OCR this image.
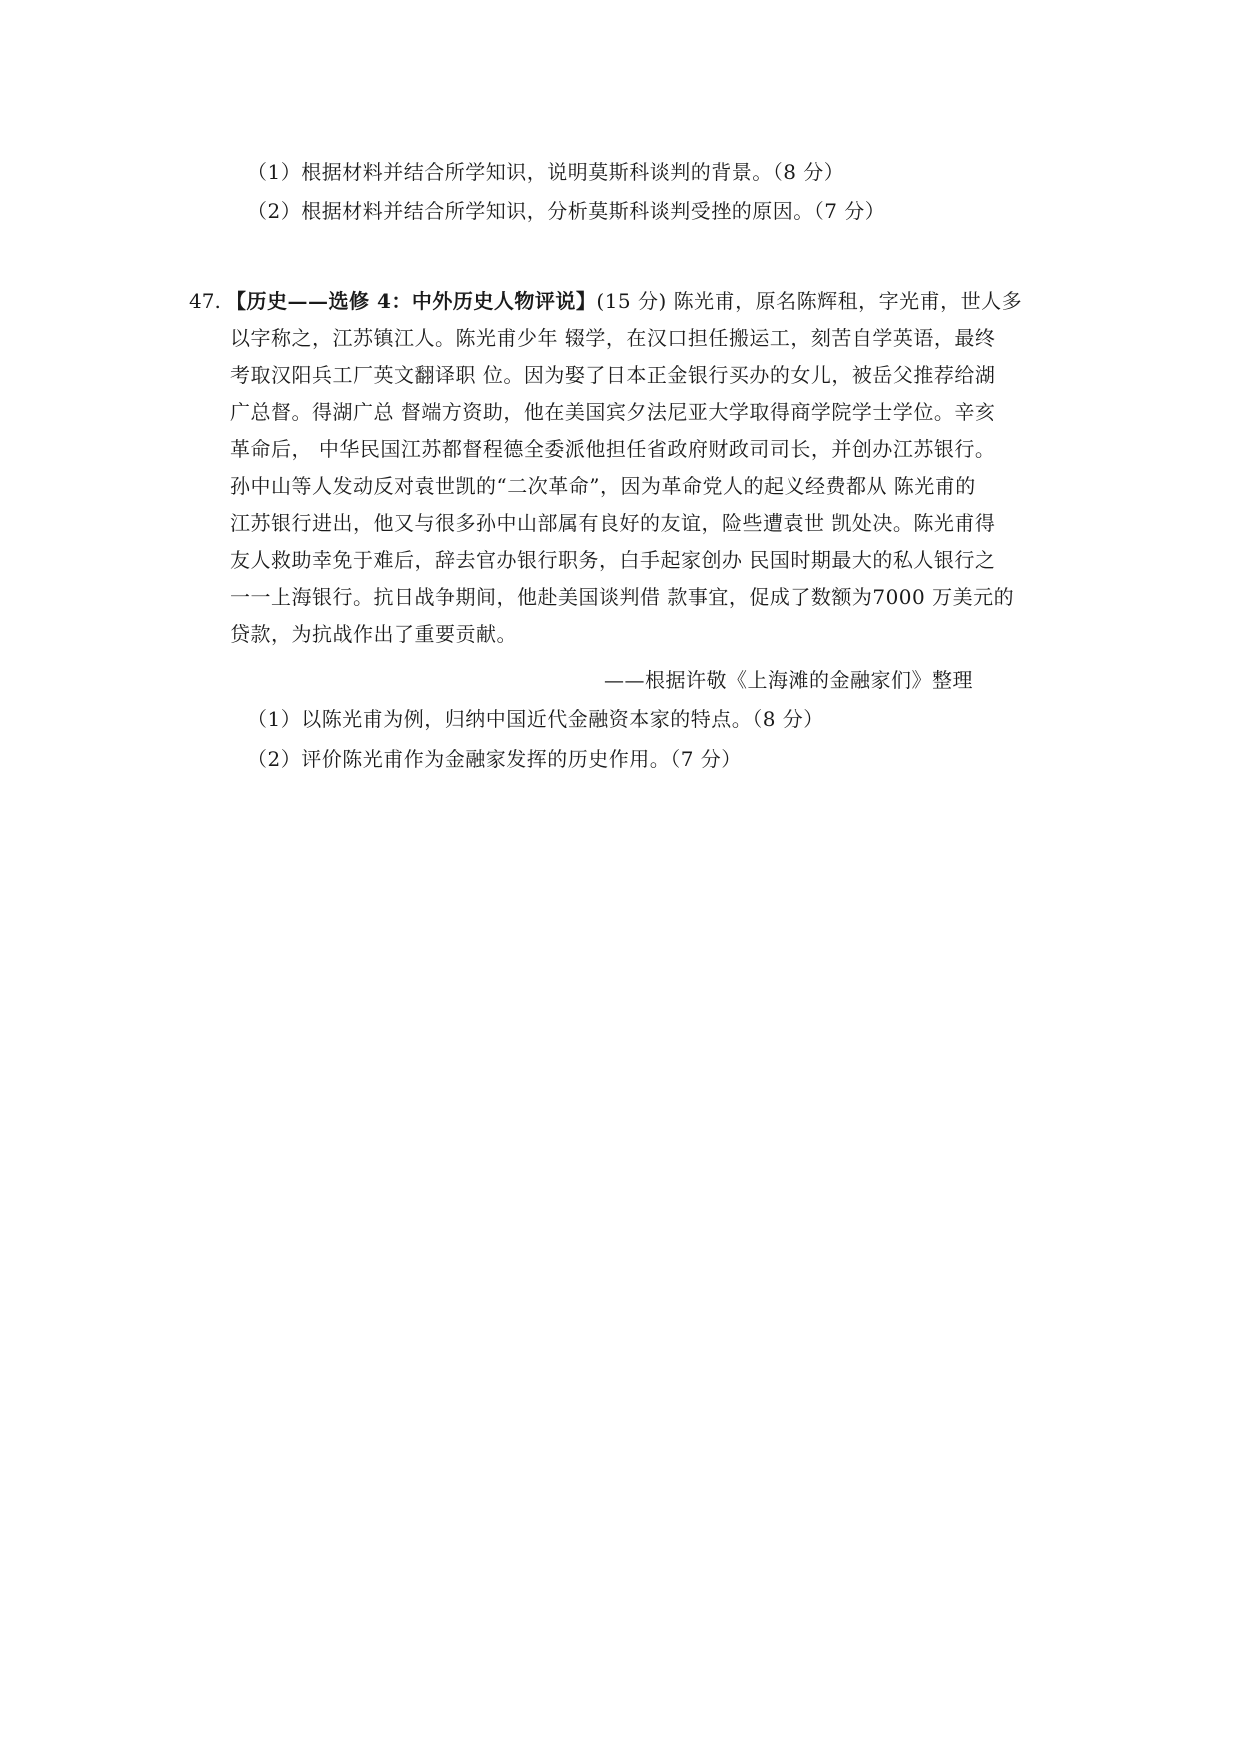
（1）根据材料并结合所学知识，说明莫斯科谈判的背景。（8 分）
（2）根据材料并结合所学知识，分析莫斯科谈判受挫的原因。（7 分）
47. 【历史——选修 4：中外历史人物评说】(15 分) 陈光甫，原名陈辉租，字光甫，世人多
以字称之，江苏镇江人。陈光甫少年 辍学，在汉口担任搬运工，刻苦自学英语，最终
考取汉阳兵工厂英文翻译职 位。因为娶了日本正金银行买办的女儿，被岳父推荐给湖
广总督。得湖广总 督端方资助，他在美国宾夕法尼亚大学取得商学院学士学位。辛亥
革命后， 中华民国江苏都督程德全委派他担任省政府财政司司长，并创办江苏银行。
孙中山等人发动反对袁世凯的“二次革命”，因为革命党人的起义经费都从 陈光甫的
江苏银行进出，他又与很多孙中山部属有良好的友谊，险些遭袁世 凯处决。陈光甫得
友人救助幸免于难后，辞去官办银行职务，白手起家创办 民国时期最大的私人银行之
一一上海银行。抗日战争期间，他赴美国谈判借 款事宜，促成了数额为7000 万美元的
贷款，为抗战作出了重要贡献。
——根据许敬《上海滩的金融家们》整理
（1）以陈光甫为例，归纳中国近代金融资本家的特点。（8 分）
（2）评价陈光甫作为金融家发挥的历史作用。（7 分）
